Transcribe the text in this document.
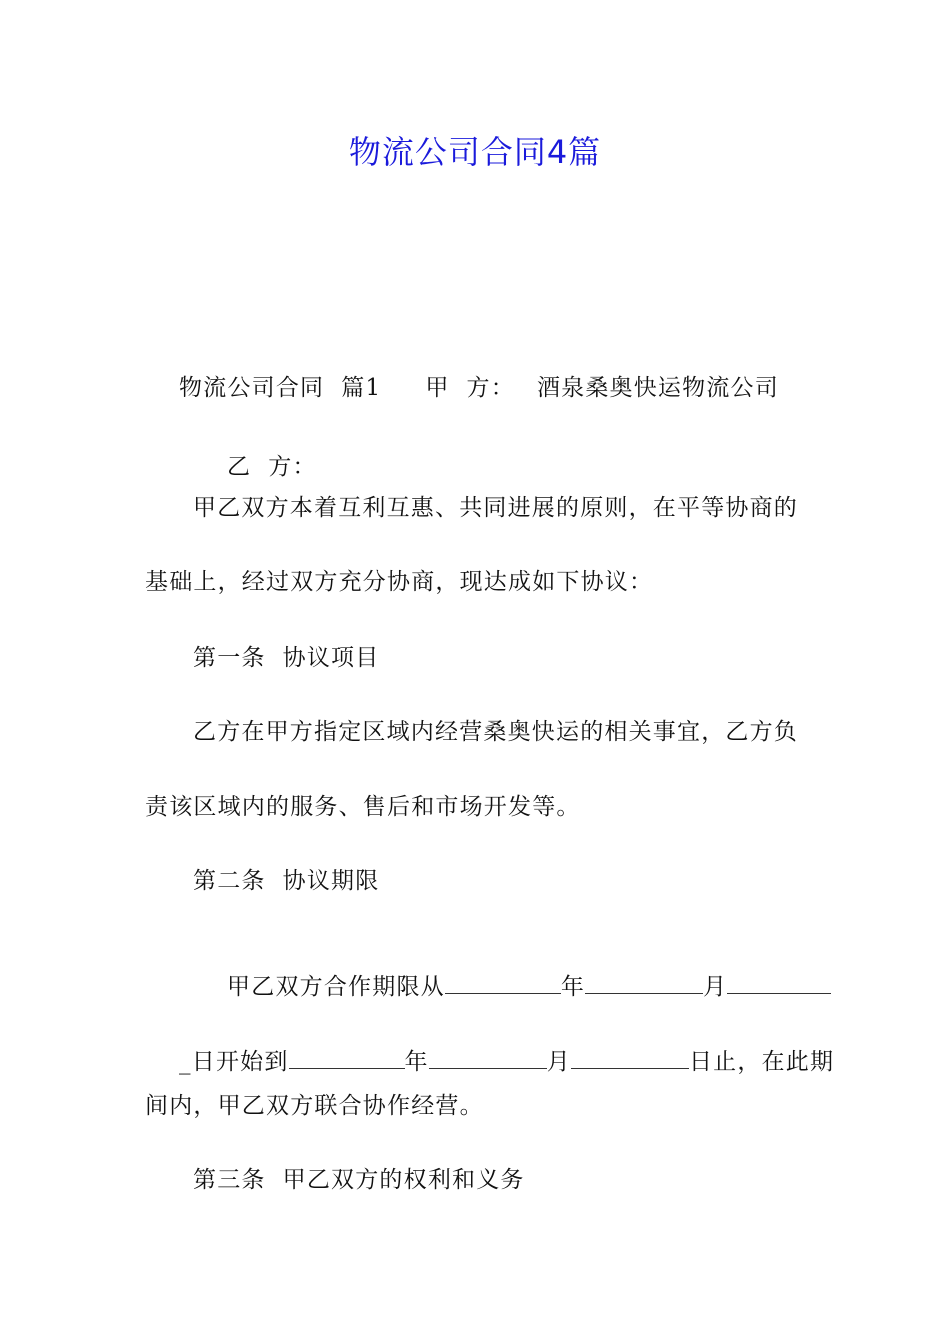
物流公司合同4篇

物流公司合同  篇1 甲  方： 酒泉桑奥快运物流公司

乙  方：

甲乙双方本着互利互惠、共同进展的原则，在平等协商的
基础上，经过双方充分协商，现达成如下协议：
第一条  协议项目
乙方在甲方指定区域内经营桑奥快运的相关事宜，乙方负
责该区域内的服务、售后和市场开发等。
第二条  协议期限

甲乙双方合作期限从	年	月

_日开始到	年	月	日止，在此期

间内，甲乙双方联合协作经营。
第三条  甲乙双方的权利和义务
